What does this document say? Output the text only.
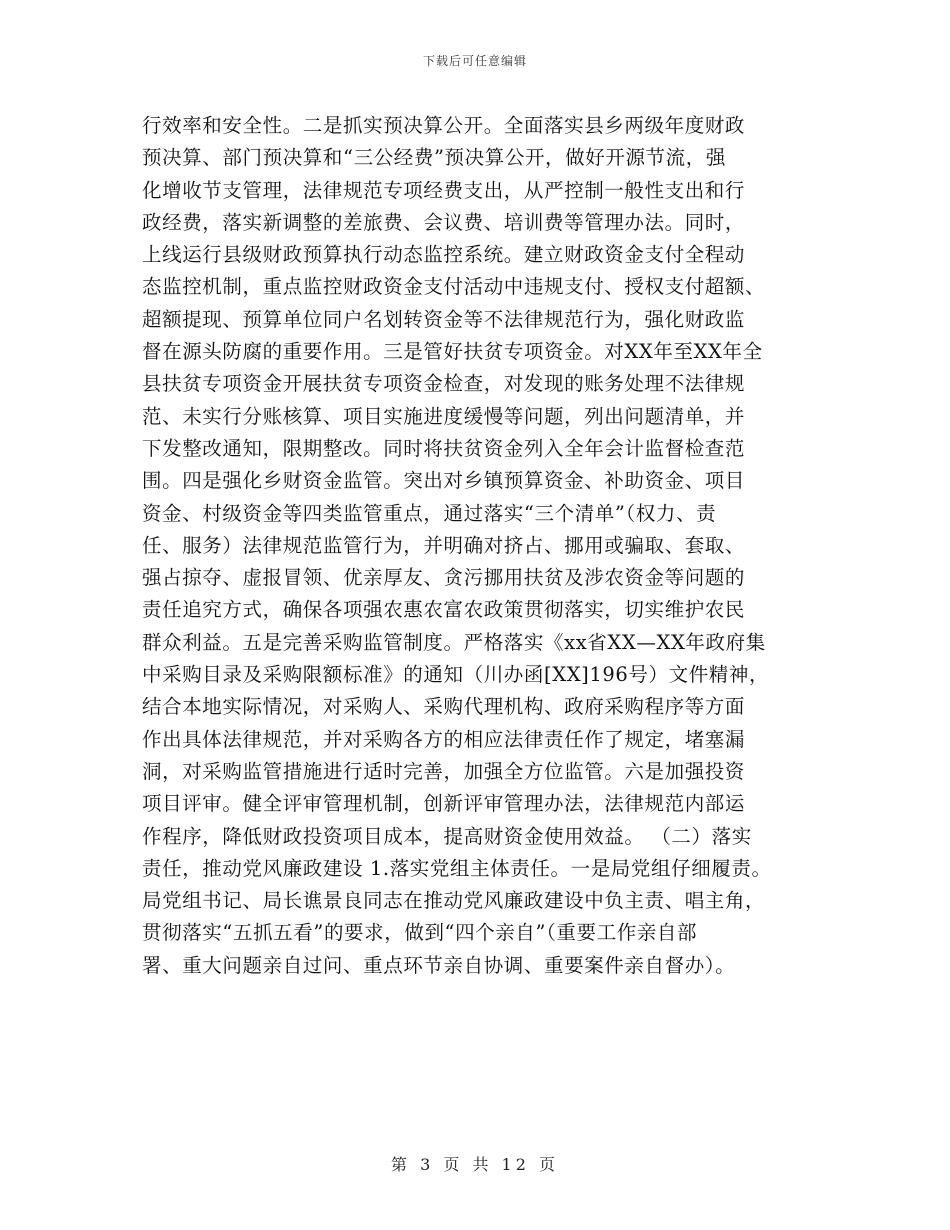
下载后可任意编辑
行效率和安全性。二是抓实预决算公开。全面落实县乡两级年度财政
预决算、部门预决算和“三公经费”预决算公开，做好开源节流，强
化增收节支管理，法律规范专项经费支出，从严控制一般性支出和行
政经费，落实新调整的差旅费、会议费、培训费等管理办法。同时，
上线运行县级财政预算执行动态监控系统。建立财政资金支付全程动
态监控机制，重点监控财政资金支付活动中违规支付、授权支付超额、
超额提现、预算单位同户名划转资金等不法律规范行为，强化财政监
督在源头防腐的重要作用。三是管好扶贫专项资金。对XX年至XX年全
县扶贫专项资金开展扶贫专项资金检查，对发现的账务处理不法律规
范、未实行分账核算、项目实施进度缓慢等问题，列出问题清单，并
下发整改通知，限期整改。同时将扶贫资金列入全年会计监督检查范
围。四是强化乡财资金监管。突出对乡镇预算资金、补助资金、项目
资金、村级资金等四类监管重点，通过落实“三个清单”（权力、责
任、服务）法律规范监管行为，并明确对挤占、挪用或骗取、套取、
强占掠夺、虚报冒领、优亲厚友、贪污挪用扶贫及涉农资金等问题的
责任追究方式，确保各项强农惠农富农政策贯彻落实，切实维护农民
群众利益。五是完善采购监管制度。严格落实《xx省XX—XX年政府集
中采购目录及采购限额标准》的通知（川办函[XX]196号）文件精神，
结合本地实际情况，对采购人、采购代理机构、政府采购程序等方面
作出具体法律规范，并对采购各方的相应法律责任作了规定，堵塞漏
洞，对采购监管措施进行适时完善，加强全方位监管。六是加强投资
项目评审。健全评审管理机制，创新评审管理办法，法律规范内部运
作程序，降低财政投资项目成本，提高财资金使用效益。 （二）落实
责任，推动党风廉政建设 1.落实党组主体责任。一是局党组仔细履责。
局党组书记、局长谯景良同志在推动党风廉政建设中负主责、唱主角，
贯彻落实“五抓五看”的要求，做到“四个亲自”（重要工作亲自部
署、重大问题亲自过问、重点环节亲自协调、重要案件亲自督办）。
第 3 页 共 12 页
